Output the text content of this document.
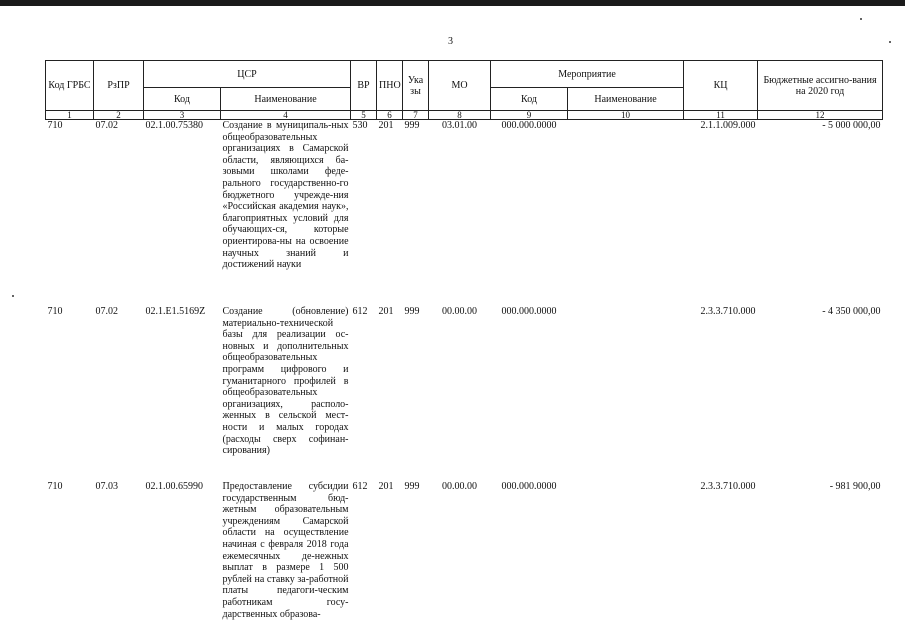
3
Код ГРБС	РзПР	ЦСР		ВР	ПНО	Ука зы	МО	Мероприятие		КЦ	Бюджетные ассигно-вания на 2020 год
		Код	Наименование					Код	Наименование		
1	2	3	4	5	6	7	8	9	10	11	12
710	07.02	02.1.00.75380	Создание в муниципаль-ных общеобразовательных организациях в Самарской области, являющихся ба-зовыми школами феде-рального государственно-го бюджетного учрежде-ния «Российская академия наук», благоприятных условий для обучающих-ся, которые ориентирова-ны на освоение научных знаний и достижений науки	530	201	999	03.01.00	000.000.0000		2.1.1.009.000	- 5 000 000,00
710	07.02	02.1.E1.5169Z	Создание (обновление) материально-технической базы для реализации ос-новных и дополнительных общеобразовательных программ цифрового и гуманитарного профилей в общеобразовательных организациях, располо-женных в сельской мест-ности и малых городах (расходы сверх софинан-сирования)	612	201	999	00.00.00	000.000.0000		2.3.3.710.000	- 4 350 000,00
710	07.03	02.1.00.65990	Предоставление субсидии государственным бюд-жетным образовательным учреждениям Самарской области на осуществление начиная с февраля 2018 года ежемесячных де-нежных выплат в размере 1 500 рублей на ставку за-работной платы педагоги-ческим работникам госу-дарственных образова-	612	201	999	00.00.00	000.000.0000		2.3.3.710.000	- 981 900,00
